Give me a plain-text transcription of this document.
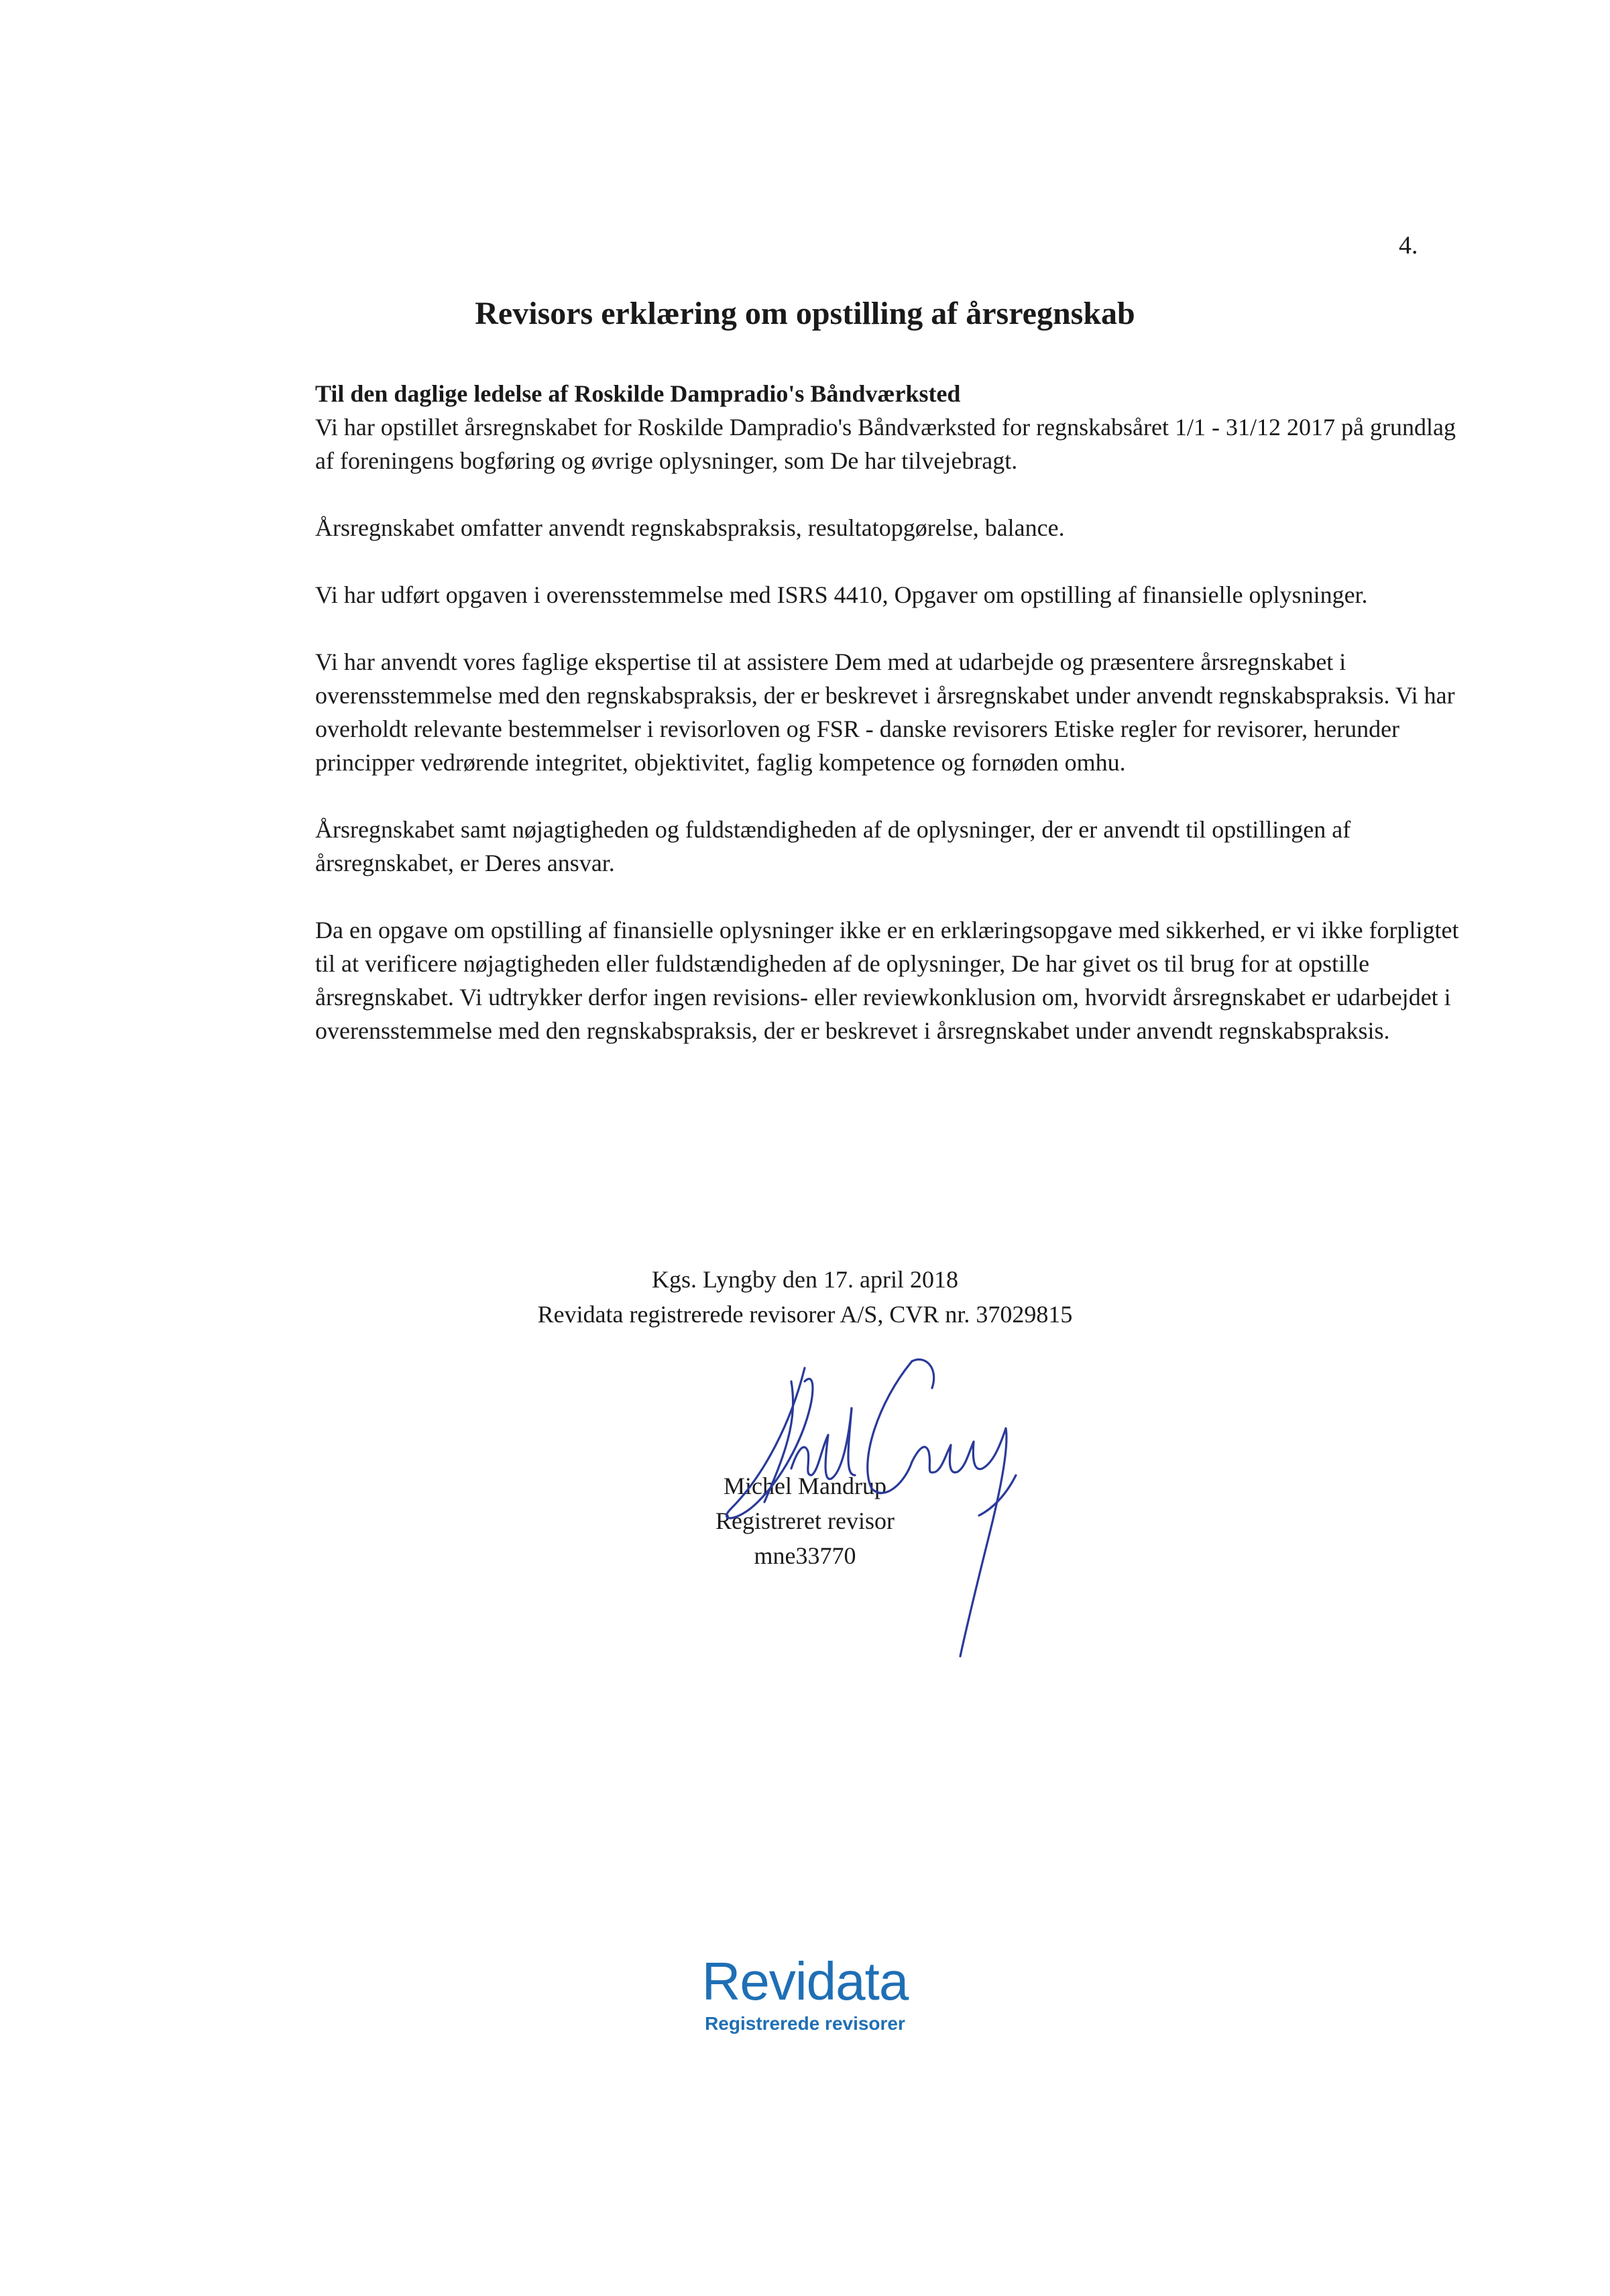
4.
Revisors erklæring om opstilling af årsregnskab

Til den daglige ledelse af Roskilde Dampradio's Båndværksted

Vi har opstillet årsregnskabet for Roskilde Dampradio's Båndværksted for regnskabsåret 1/1 - 31/12 2017 på grundlag af foreningens bogføring og øvrige oplysninger, som De har tilvejebragt.

Årsregnskabet omfatter anvendt regnskabspraksis, resultatopgørelse, balance.

Vi har udført opgaven i overensstemmelse med ISRS 4410, Opgaver om opstilling af finansielle oplysninger.

Vi har anvendt vores faglige ekspertise til at assistere Dem med at udarbejde og præsentere årsregnskabet i overensstemmelse med den regnskabspraksis, der er beskrevet i årsregnskabet under anvendt regnskabspraksis. Vi har overholdt relevante bestemmelser i revisorloven og FSR - danske revisorers Etiske regler for revisorer, herunder principper vedrørende integritet, objektivitet, faglig kompetence og fornøden omhu.

Årsregnskabet samt nøjagtigheden og fuldstændigheden af de oplysninger, der er anvendt til opstillingen af årsregnskabet, er Deres ansvar.

Da en opgave om opstilling af finansielle oplysninger ikke er en erklæringsopgave med sikkerhed, er vi ikke forpligtet til at verificere nøjagtigheden eller fuldstændigheden af de oplysninger, De har givet os til brug for at opstille årsregnskabet. Vi udtrykker derfor ingen revisions- eller reviewkonklusion om, hvorvidt årsregnskabet er udarbejdet i overensstemmelse med den regnskabspraksis, der er beskrevet i årsregnskabet under anvendt regnskabspraksis.

Kgs. Lyngby den 17. april 2018
Revidata registrerede revisorer A/S, CVR nr. 37029815
Michel Mandrup
Registreret revisor
mne33770
Revidata
Registrerede revisorer
